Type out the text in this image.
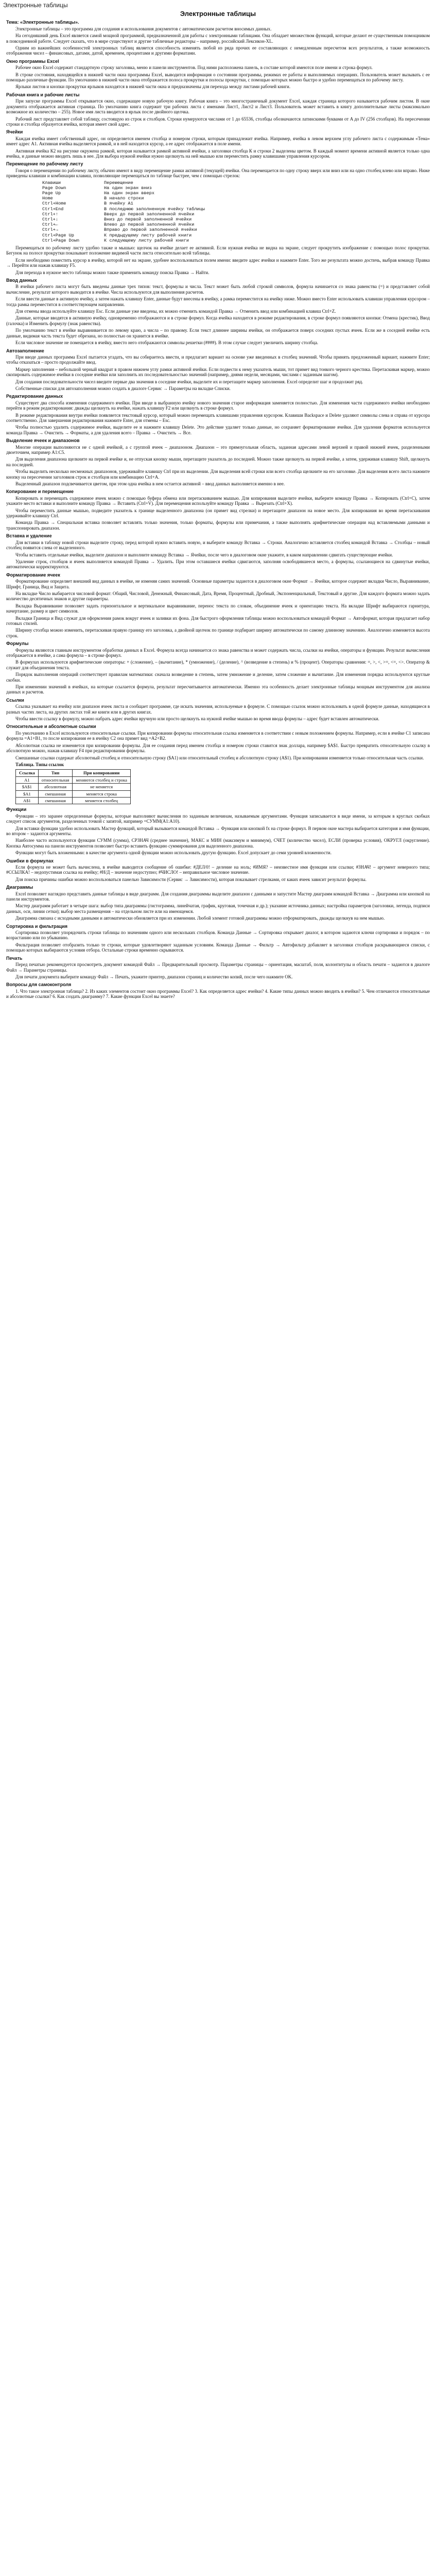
Электронные таблицы
Электронные таблицы
Тема: «Электронные таблицы».

Электронные таблицы – это программа для создания и использования документов с автоматическим расчетом вносимых данных.

На сегодняшний день Excel является самой мощной программой, предназначенной для работы с электронными таблицами. Она обладает множеством функций, которые делают ее существенным помощником в повседневной работе. Следует сказать, что в мире существуют и другие табличные редакторы – например, российский Лексикон-XL.

Одним из важнейших особенностей электронных таблиц является способность изменять любой из ряда прочих ее составляющих с немедленным пересчетом всех результатов, а также возможность отображения чисел – финансовых, датами, датой, временем, процентами и другими форматами.

Окно программы Excel

Рабочее окно Excel содержит стандартную строку заголовка, меню и панели инструментов. Под ними расположена панель, в составе которой имеются поле имени и строка формул.

В строке состояния, находящейся в нижней части окна программы Excel, выводится информация о состоянии программы, режимах ее работы и выполняемых операциях. Пользователь может вызывать с ее помощью различные функции. По умолчанию в нижней части окна отображается полоса прокрутки и полосы прокрутки, с помощью которых можно быстро и удобно перемещаться по рабочему листу.

Ярлыки листов и кнопки прокрутки ярлыков находятся в нижней части окна и предназначены для перехода между листами рабочей книги.

Рабочая книга и рабочие листы

При запуске программы Excel открывается окно, содержащее новую рабочую книгу. Рабочая книга – это многостраничный документ Excel, каждая страница которого называется рабочим листом. В окне документа отображается активная страница. По умолчанию книга содержит три рабочих листа с именами Лист1, Лист2 и Лист3. Пользователь может вставить в книгу дополнительные листы (максимально возможное их количество – 255). Новое имя листа вводится в ярлык после двойного щелчка.

Рабочий лист представляет собой таблицу, состоящую из строк и столбцов. Строки нумеруются числами от 1 до 65536, столбцы обозначаются латинскими буквами от A до IV (256 столбцов). На пересечении строки и столбца образуется ячейка, которая имеет свой адрес.

Ячейки

Каждая ячейка имеет собственный адрес, он определяется именем столбца и номером строки, которым принадлежит ячейка. Например, ячейка в левом верхнем углу рабочего листа с содержимым «Тема» имеет адрес A1. Активная ячейка выделяется рамкой, и в ней находится курсор, а ее адрес отображается в поле имени.

Активная ячейка К2 на рисунке окружена рамкой, которая называется рамкой активной ячейки, а заголовки столбца К и строки 2 выделены цветом. В каждый момент времени активной является только одна ячейка, и данные можно вводить лишь в нее. Для выбора нужной ячейки нужно щелкнуть на ней мышью или переместить рамку клавишами управления курсором.

Перемещение по рабочему листу

Говоря о перемещении по рабочему листу, обычно имеют в виду перемещение рамки активной (текущей) ячейки. Она перемещается по одну строку вверх или вниз или на одно столбец влево или вправо. Ниже приведены клавиши и комбинации клавиш, позволяющие перемещаться по таблице быстрее, чем с помощью стрелок:

Клавиши	Перемещение
Page Down	На один экран вниз
Page Up	На один экран вверх
Home	В начало строки
Ctrl+Home	В ячейку A1
Ctrl+End	В последнюю заполненную ячейку таблицы
Ctrl+↑	Вверх до первой заполненной ячейки
Ctrl+↓	Вниз до первой заполненной ячейки
Ctrl+←	Влево до первой заполненной ячейки
Ctrl+→	Вправо до первой заполненной ячейки
Ctrl+Page Up	К предыдущему листу рабочей книги
Ctrl+Page Down	К следующему листу рабочей книги

Перемещаться по рабочему листу удобно также и мышью: щелчок на ячейке делает ее активной. Если нужная ячейка не видна на экране, следует прокрутить изображение с помощью полос прокрутки. Бегунок на полосе прокрутки показывает положение видимой части листа относительно всей таблицы.

Если необходимо поместить курсор в ячейку, которой нет на экране, удобнее воспользоваться полем имени: введите адрес ячейки и нажмите Enter. Того же результата можно достичь, выбрав команду Правка → Перейти или нажав клавишу F5.

Для перехода в нужное место таблицы можно также применить команду поиска Правка → Найти.

Ввод данных

В ячейки рабочего листа могут быть введены данные трех типов: текст, формулы и числа. Текст может быть любой строкой символов, формула начинается со знака равенства (=) и представляет собой вычисление, результат которого выводится в ячейке. Числа используются для выполнения расчетов.

Если ввести данные в активную ячейку, а затем нажать клавишу Enter, данные будут внесены в ячейку, а рамка переместится на ячейку ниже. Можно вместо Enter использовать клавиши управления курсором – тогда рамка переместится в соответствующем направлении.

Для отмены ввода используйте клавишу Esc. Если данные уже введены, их можно отменить командой Правка → Отменить ввод или комбинацией клавиш Ctrl+Z.

Данные, которые вводятся в активную ячейку, одновременно отображаются и в строке формул. Когда ячейка находится в режиме редактирования, в строке формул появляются кнопки: Отмена (крестик), Ввод (галочка) и Изменить формулу (знак равенства).

По умолчанию текст в ячейке выравнивается по левому краю, а числа – по правому. Если текст длиннее ширины ячейки, он отображается поверх соседних пустых ячеек. Если же в соседней ячейке есть данные, видимая часть текста будет обрезана, но полностью он хранится в ячейке.

Если числовое значение не помещается в ячейку, вместо него отображаются символы решетки (####). В этом случае следует увеличить ширину столбца.

Автозаполнение

При вводе данных программа Excel пытается угадать, что вы собираетесь ввести, и предлагает вариант на основе уже введенных в столбец значений. Чтобы принять предложенный вариант, нажмите Enter; чтобы отказаться – просто продолжайте ввод.

Маркер заполнения – небольшой черный квадрат в правом нижнем углу рамки активной ячейки. Если подвести к нему указатель мыши, тот примет вид тонкого черного крестика. Перетаскивая маркер, можно скопировать содержимое ячейки в соседние ячейки или заполнить их последовательностью значений (например, днями недели, месяцами, числами с заданным шагом).

Для создания последовательности чисел введите первые два значения в соседние ячейки, выделите их и перетащите маркер заполнения. Excel определит шаг и продолжит ряд.

Собственные списки для автозаполнения можно создать в диалоге Сервис → Параметры на вкладке Списки.

Редактирование данных

Существует два способа изменения содержимого ячейки. При вводе в выбранную ячейку нового значения старое информация заменяется полностью. Для изменения части содержимого ячейки необходимо перейти в режим редактирования: дважды щелкнуть на ячейке, нажать клавишу F2 или щелкнуть в строке формул.

В режиме редактирования внутри ячейки появляется текстовый курсор, который можно перемещать клавишами управления курсором. Клавиши Backspace и Delete удаляют символы слева и справа от курсора соответственно. Для завершения редактирования нажмите Enter, для отмены – Esc.

Чтобы полностью удалить содержимое ячейки, выделите ее и нажмите клавишу Delete. Это действие удаляет только данные, но сохраняет форматирование ячейки. Для удаления форматов используется команда Правка → Очистить → Форматы, а для удаления всего – Правка → Очистить → Все.

Выделение ячеек и диапазонов

Многие операции выполняются не с одной ячейкой, а с группой ячеек – диапазоном. Диапазон – это прямоугольная область, заданная адресами левой верхней и правой нижней ячеек, разделенными двоеточием, например A1:C5.

Для выделения диапазона щелкните на первой ячейке и, не отпуская кнопку мыши, перетащите указатель до последней. Можно также щелкнуть на первой ячейке, а затем, удерживая клавишу Shift, щелкнуть на последней.

Чтобы выделить несколько несмежных диапазонов, удерживайте клавишу Ctrl при их выделении. Для выделения всей строки или всего столбца щелкните на его заголовке. Для выделения всего листа нажмите кнопку на пересечении заголовков строк и столбцов или комбинацию Ctrl+A.

Выделенный диапазон подсвечивается цветом, при этом одна ячейка в нем остается активной – ввод данных выполняется именно в нее.

Копирование и перемещение

Копировать и перемещать содержимое ячеек можно с помощью буфера обмена или перетаскиванием мышью. Для копирования выделите ячейки, выберите команду Правка → Копировать (Ctrl+C), затем укажите место вставки и выполните команду Правка → Вставить (Ctrl+V). Для перемещения используйте команду Правка → Вырезать (Ctrl+X).

Чтобы переместить данные мышью, подведите указатель к границе выделенного диапазона (он примет вид стрелки) и перетащите диапазон на новое место. Для копирования во время перетаскивания удерживайте клавишу Ctrl.

Команда Правка → Специальная вставка позволяет вставлять только значения, только форматы, формулы или примечания, а также выполнять арифметические операции над вставляемыми данными и транспонировать диапазон.

Вставка и удаление

Для вставки в таблицу новой строки выделите строку, перед которой нужно вставить новую, и выберите команду Вставка → Строки. Аналогично вставляется столбец командой Вставка → Столбцы – новый столбец появится слева от выделенного.

Чтобы вставить отдельные ячейки, выделите диапазон и выполните команду Вставка → Ячейки, после чего в диалоговом окне укажите, в каком направлении сдвигать существующие ячейки.

Удаление строк, столбцов и ячеек выполняется командой Правка → Удалить. При этом оставшиеся ячейки сдвигаются, заполняя освободившееся место, а формулы, ссылающиеся на сдвинутые ячейки, автоматически корректируются.

Форматирование ячеек

Форматирование определяет внешний вид данных в ячейке, не изменяя самих значений. Основные параметры задаются в диалоговом окне Формат → Ячейки, которое содержит вкладки Число, Выравнивание, Шрифт, Граница, Вид и Защита.

На вкладке Число выбирается числовой формат: Общий, Числовой, Денежный, Финансовый, Дата, Время, Процентный, Дробный, Экспоненциальный, Текстовый и другие. Для каждого формата можно задать количество десятичных знаков и другие параметры.

Вкладка Выравнивание позволяет задать горизонтальное и вертикальное выравнивание, перенос текста по словам, объединение ячеек и ориентацию текста. На вкладке Шрифт выбираются гарнитура, начертание, размер и цвет символов.

Вкладки Граница и Вид служат для оформления рамок вокруг ячеек и заливки их фона. Для быстрого оформления таблицы можно воспользоваться командой Формат → Автоформат, которая предлагает набор готовых стилей.

Ширину столбца можно изменить, перетаскивая правую границу его заголовка, а двойной щелчок по границе подбирает ширину автоматически по самому длинному значению. Аналогично изменяется высота строк.

Формулы

Формулы являются главным инструментом обработки данных в Excel. Формула всегда начинается со знака равенства и может содержать числа, ссылки на ячейки, операторы и функции. Результат вычисления отображается в ячейке, а сама формула – в строке формул.

В формулах используются арифметические операторы: + (сложение), – (вычитание), * (умножение), / (деление), ^ (возведение в степень) и % (процент). Операторы сравнения: =, >, <, >=, <=, <>. Оператор & служит для объединения текста.

Порядок выполнения операций соответствует правилам математики: сначала возведение в степень, затем умножение и деление, затем сложение и вычитание. Для изменения порядка используются круглые скобки.

При изменении значений в ячейках, на которые ссылается формула, результат пересчитывается автоматически. Именно эта особенность делает электронные таблицы мощным инструментом для анализа данных и расчетов.

Ссылки

Ссылка указывает на ячейку или диапазон ячеек листа и сообщает программе, где искать значения, используемые в формуле. С помощью ссылок можно использовать в одной формуле данные, находящиеся в разных частях листа, на других листах той же книги или в других книгах.

Чтобы ввести ссылку в формулу, можно набрать адрес ячейки вручную или просто щелкнуть на нужной ячейке мышью во время ввода формулы – адрес будет вставлен автоматически.

Относительные и абсолютные ссылки

По умолчанию в Excel используются относительные ссылки. При копировании формулы относительная ссылка изменяется в соответствии с новым положением формулы. Например, если в ячейке C1 записана формула =A1+B1, то после копирования ее в ячейку C2 она примет вид =A2+B2.

Абсолютная ссылка не изменяется при копировании формулы. Для ее создания перед именем столбца и номером строки ставится знак доллара, например $A$1. Быстро превратить относительную ссылку в абсолютную можно, нажав клавишу F4 при редактировании формулы.

Смешанные ссылки содержат абсолютный столбец и относительную строку ($A1) или относительный столбец и абсолютную строку (A$1). При копировании изменяется только относительная часть ссылки.

Таблица. Типы ссылок
Ссылка	Тип	При копировании
A1	относительная	меняются столбец и строка
$A$1	абсолютная	не меняется
$A1	смешанная	меняется строка
A$1	смешанная	меняется столбец
Функции

Функции – это заранее определенные формулы, которые выполняют вычисления по заданным величинам, называемым аргументами. Функция записывается в виде имени, за которым в круглых скобках следует список аргументов, разделенных точкой с запятой, например =СУММ(A1:A10).

Для вставки функции удобно использовать Мастер функций, который вызывается командой Вставка → Функция или кнопкой fx на строке формул. В первом окне мастера выбирается категория и имя функции, во втором – задаются аргументы.

Наиболее часто используются функции СУММ (сумма), СРЗНАЧ (среднее значение), МАКС и МИН (максимум и минимум), СЧЕТ (количество чисел), ЕСЛИ (проверка условия), ОКРУГЛ (округление). Кнопка Автосумма на панели инструментов позволяет быстро вставить функцию суммирования для выделенного диапазона.

Функции могут быть вложенными: в качестве аргумента одной функции можно использовать другую функцию. Excel допускает до семи уровней вложенности.

Ошибки в формулах

Если формула не может быть вычислена, в ячейке выводится сообщение об ошибке: #ДЕЛ/0! – деление на ноль; #ИМЯ? – неизвестное имя функции или ссылки; #ЗНАЧ! – аргумент неверного типа; #ССЫЛКА! – недопустимая ссылка на ячейку; #Н/Д – значение недоступно; #ЧИСЛО! – неправильное числовое значение.

Для поиска причины ошибки можно воспользоваться панелью Зависимости (Сервис → Зависимости), которая показывает стрелками, от каких ячеек зависит результат формулы.

Диаграммы

Excel позволяет наглядно представить данные таблицы в виде диаграмм. Для создания диаграммы выделите диапазон с данными и запустите Мастер диаграмм командой Вставка → Диаграмма или кнопкой на панели инструментов.

Мастер диаграмм работает в четыре шага: выбор типа диаграммы (гистограмма, линейчатая, график, круговая, точечная и др.); указание источника данных; настройка параметров (заголовки, легенда, подписи данных, оси, линии сетки); выбор места размещения – на отдельном листе или на имеющемся.

Диаграмма связана с исходными данными и автоматически обновляется при их изменении. Любой элемент готовой диаграммы можно отформатировать, дважды щелкнув на нем мышью.

Сортировка и фильтрация

Сортировка позволяет упорядочить строки таблицы по значениям одного или нескольких столбцов. Команда Данные → Сортировка открывает диалог, в котором задаются ключи сортировки и порядок – по возрастанию или по убыванию.

Фильтрация позволяет отобразить только те строки, которые удовлетворяют заданным условиям. Команда Данные → Фильтр → Автофильтр добавляет в заголовки столбцов раскрывающиеся списки, с помощью которых выбираются условия отбора. Остальные строки временно скрываются.

Печать

Перед печатью рекомендуется просмотреть документ командой Файл → Предварительный просмотр. Параметры страницы – ориентация, масштаб, поля, колонтитулы и область печати – задаются в диалоге Файл → Параметры страницы.

Для печати документа выберите команду Файл → Печать, укажите принтер, диапазон страниц и количество копий, после чего нажмите OK.

Вопросы для самоконтроля

1. Что такое электронная таблица? 2. Из каких элементов состоит окно программы Excel? 3. Как определяется адрес ячейки? 4. Какие типы данных можно вводить в ячейки? 5. Чем отличаются относительные и абсолютные ссылки? 6. Как создать диаграмму? 7. Какие функции Excel вы знаете?
